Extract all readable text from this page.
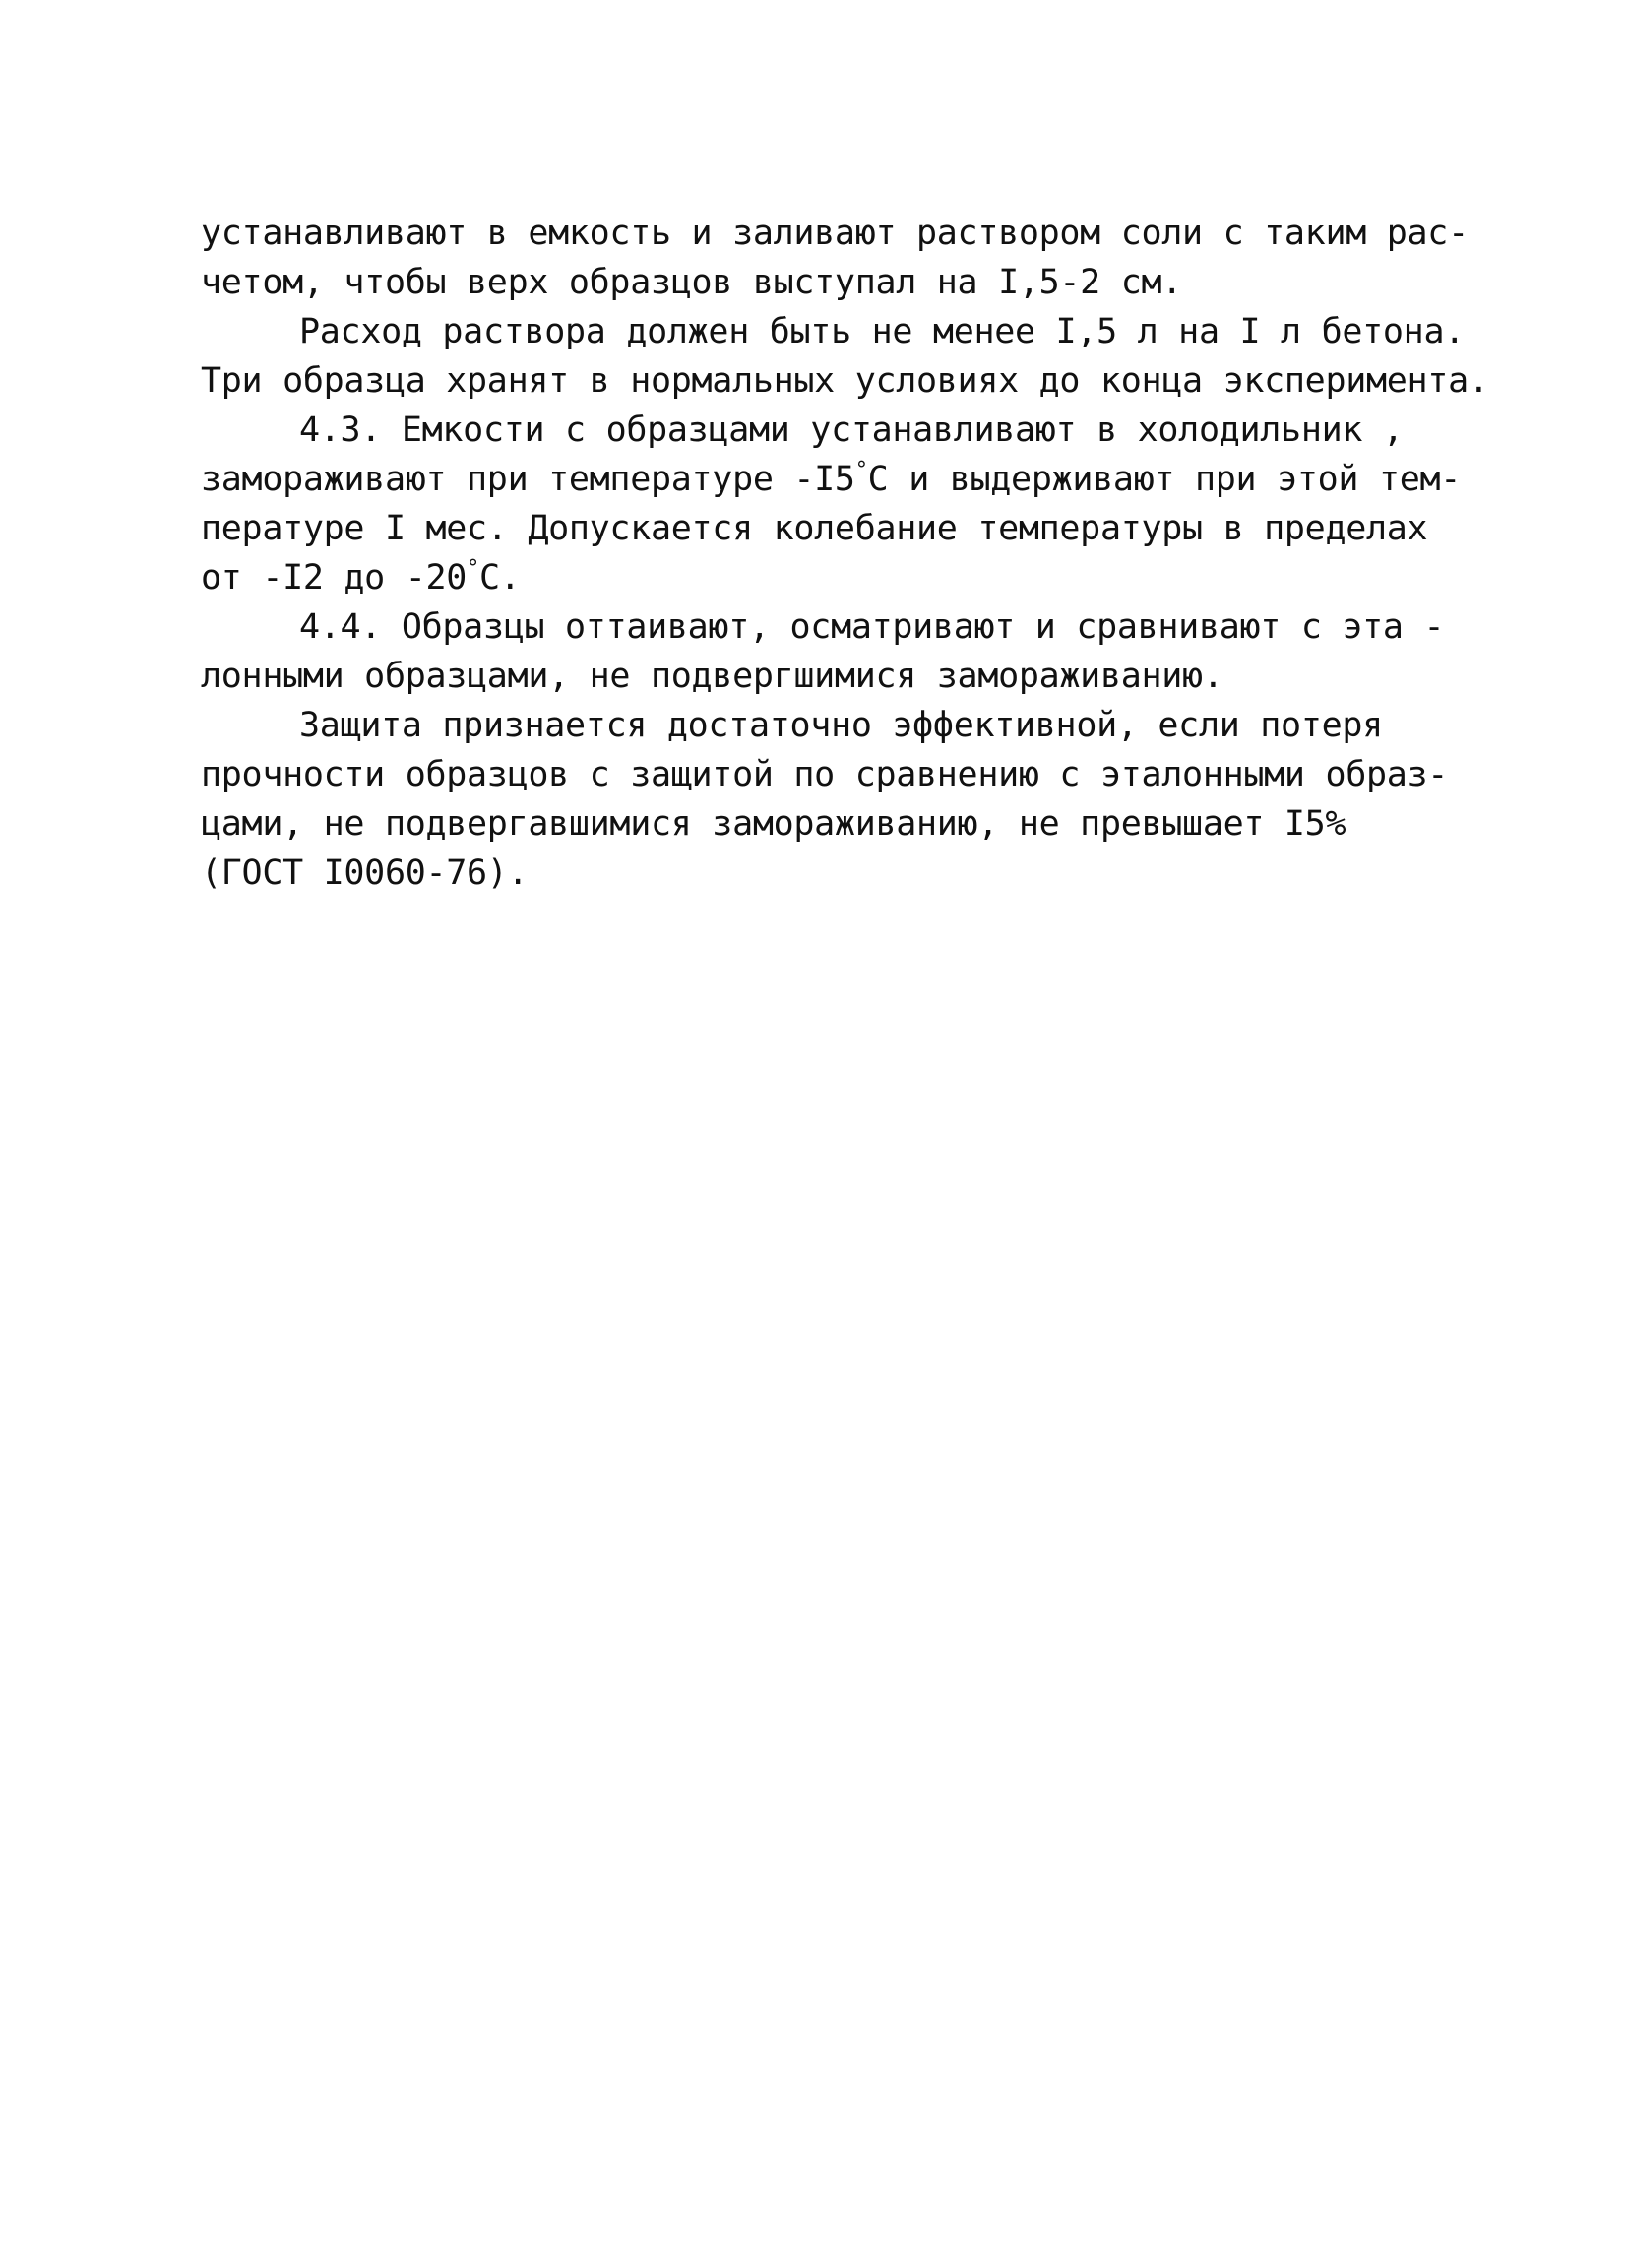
устанавливают в емкость и заливают раствором соли с таким рас-
четом, чтобы верх образцов выступал на I,5-2 см.
Расход раствора должен быть не менее I,5 л на I л бетона.
Три образца хранят в нормальных условиях до конца эксперимента.
4.3. Емкости с образцами устанавливают в холодильник ,
замораживают при температуре -I5°С и выдерживают при этой тем-
пературе I мес. Допускается колебание температуры в пределах
от -I2 до -20°С.
4.4. Образцы оттаивают, осматривают и сравнивают с эта -
лонными образцами, не подвергшимися замораживанию.
Защита признается достаточно эффективной, если потеря
прочности образцов с защитой по сравнению с эталонными образ-
цами, не подвергавшимися замораживанию, не превышает I5%
(ГОСТ I0060-76).
